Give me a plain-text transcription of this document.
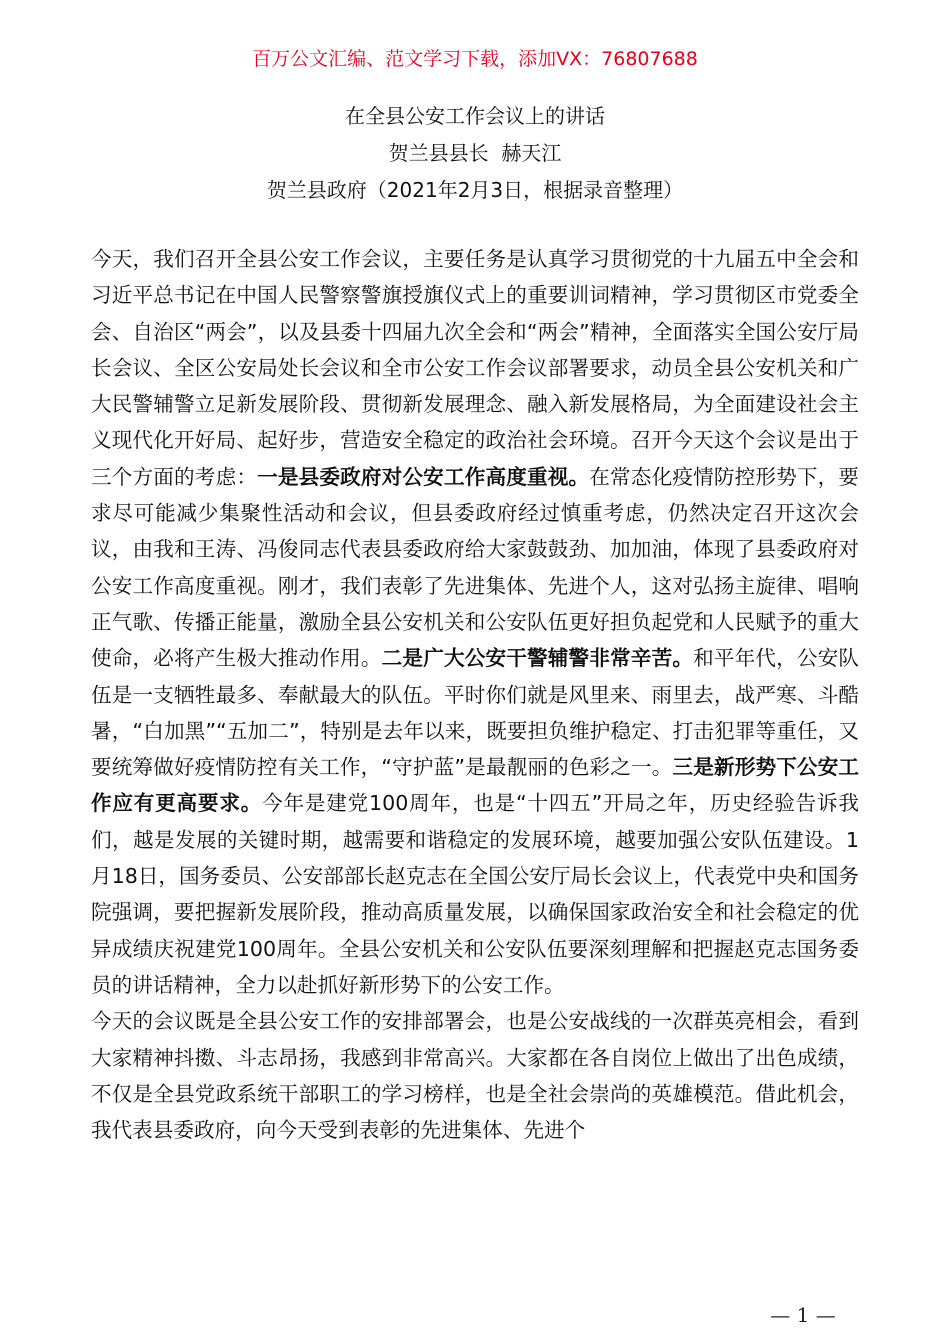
百万公文汇编、范文学习下载，添加VX：76807688
在全县公安工作会议上的讲话
贺兰县县长  赫天江
贺兰县政府（2021年2月3日，根据录音整理）

今天，我们召开全县公安工作会议，主要任务是认真学习贯彻党的十九届五中全会和习近平总书记在中国人民警察警旗授旗仪式上的重要训词精神，学习贯彻区市党委全会、自治区“两会”，以及县委十四届九次全会和“两会”精神，全面落实全国公安厅局长会议、全区公安局处长会议和全市公安工作会议部署要求，动员全县公安机关和广大民警辅警立足新发展阶段、贯彻新发展理念、融入新发展格局，为全面建设社会主义现代化开好局、起好步，营造安全稳定的政治社会环境。召开今天这个会议是出于三个方面的考虑：一是县委政府对公安工作高度重视。在常态化疫情防控形势下，要求尽可能减少集聚性活动和会议，但县委政府经过慎重考虑，仍然决定召开这次会议，由我和王涛、冯俊同志代表县委政府给大家鼓鼓劲、加加油，体现了县委政府对公安工作高度重视。刚才，我们表彰了先进集体、先进个人，这对弘扬主旋律、唱响正气歌、传播正能量，激励全县公安机关和公安队伍更好担负起党和人民赋予的重大使命，必将产生极大推动作用。二是广大公安干警辅警非常辛苦。和平年代，公安队伍是一支牺牲最多、奉献最大的队伍。平时你们就是风里来、雨里去，战严寒、斗酷暑，“白加黑”“五加二”，特别是去年以来，既要担负维护稳定、打击犯罪等重任，又要统筹做好疫情防控有关工作，“守护蓝”是最靓丽的色彩之一。三是新形势下公安工作应有更高要求。今年是建党100周年，也是“十四五”开局之年，历史经验告诉我们，越是发展的关键时期，越需要和谐稳定的发展环境，越要加强公安队伍建设。1月18日，国务委员、公安部部长赵克志在全国公安厅局长会议上，代表党中央和国务院强调，要把握新发展阶段，推动高质量发展，以确保国家政治安全和社会稳定的优异成绩庆祝建党100周年。全县公安机关和公安队伍要深刻理解和把握赵克志国务委员的讲话精神，全力以赴抓好新形势下的公安工作。

今天的会议既是全县公安工作的安排部署会，也是公安战线的一次群英亮相会，看到大家精神抖擞、斗志昂扬，我感到非常高兴。大家都在各自岗位上做出了出色成绩，不仅是全县党政系统干部职工的学习榜样，也是全社会崇尚的英雄模范。借此机会，我代表县委政府，向今天受到表彰的先进集体、先进个

— 1 —
